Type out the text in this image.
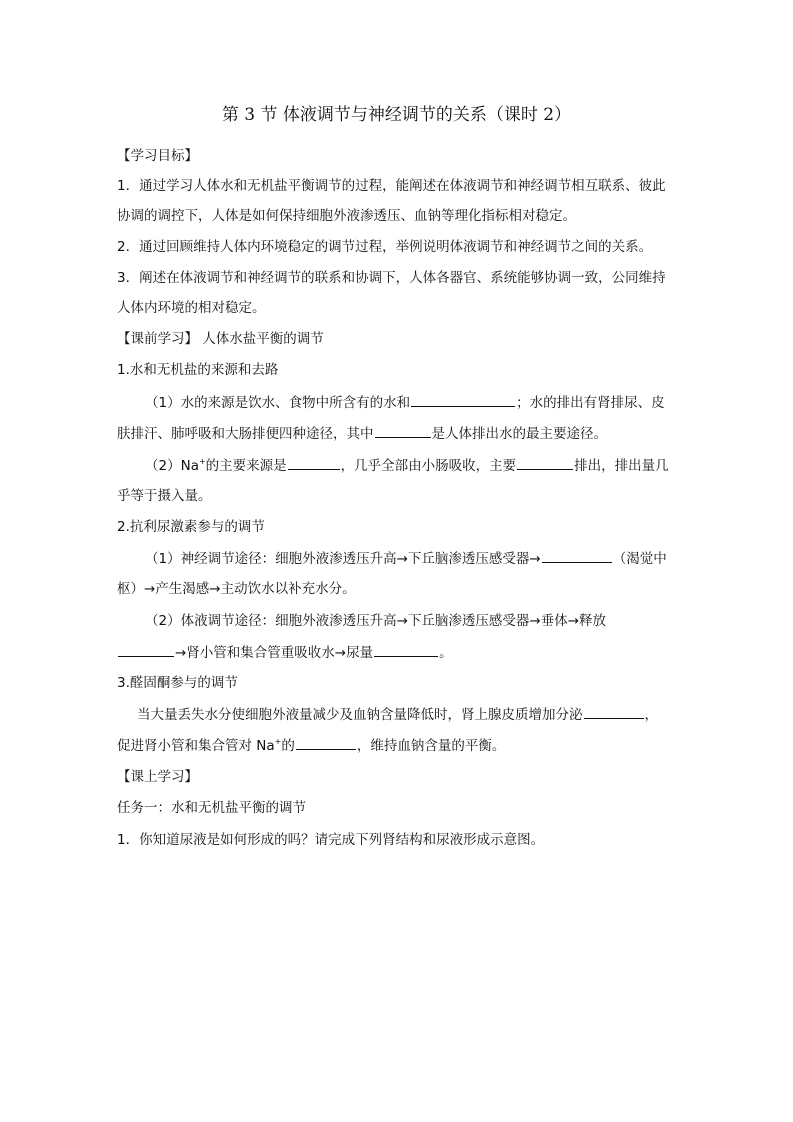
第 3 节 体液调节与神经调节的关系（课时 2）
【学习目标】
1．通过学习人体水和无机盐平衡调节的过程，能阐述在体液调节和神经调节相互联系、彼此
协调的调控下，人体是如何保持细胞外液渗透压、血钠等理化指标相对稳定。
2．通过回顾维持人体内环境稳定的调节过程，举例说明体液调节和神经调节之间的关系。
3．阐述在体液调节和神经调节的联系和协调下，人体各器官、系统能够协调一致，公同维持
人体内环境的相对稳定。
【课前学习】 人体水盐平衡的调节
1.水和无机盐的来源和去路
（1）水的来源是饮水、食物中所含有的水和	；水的排出有肾排尿、皮
肤排汗、肺呼吸和大肠排便四种途径，其中	是人体排出水的最主要途径。
（2）Na+的主要来源是	，几乎全部由小肠吸收，主要	排出，排出量几
乎等于摄入量。
2.抗利尿激素参与的调节
（1）神经调节途径：细胞外液渗透压升高→下丘脑渗透压感受器→	（渴觉中
枢）→产生渴感→主动饮水以补充水分。
（2）体液调节途径：细胞外液渗透压升高→下丘脑渗透压感受器→垂体→释放
→肾小管和集合管重吸收水→尿量	。
3.醛固酮参与的调节
当大量丢失水分使细胞外液量减少及血钠含量降低时，肾上腺皮质增加分泌	，
促进肾小管和集合管对 Na+的	，维持血钠含量的平衡。
【课上学习】
任务一：水和无机盐平衡的调节
1．你知道尿液是如何形成的吗？请完成下列肾结构和尿液形成示意图。
